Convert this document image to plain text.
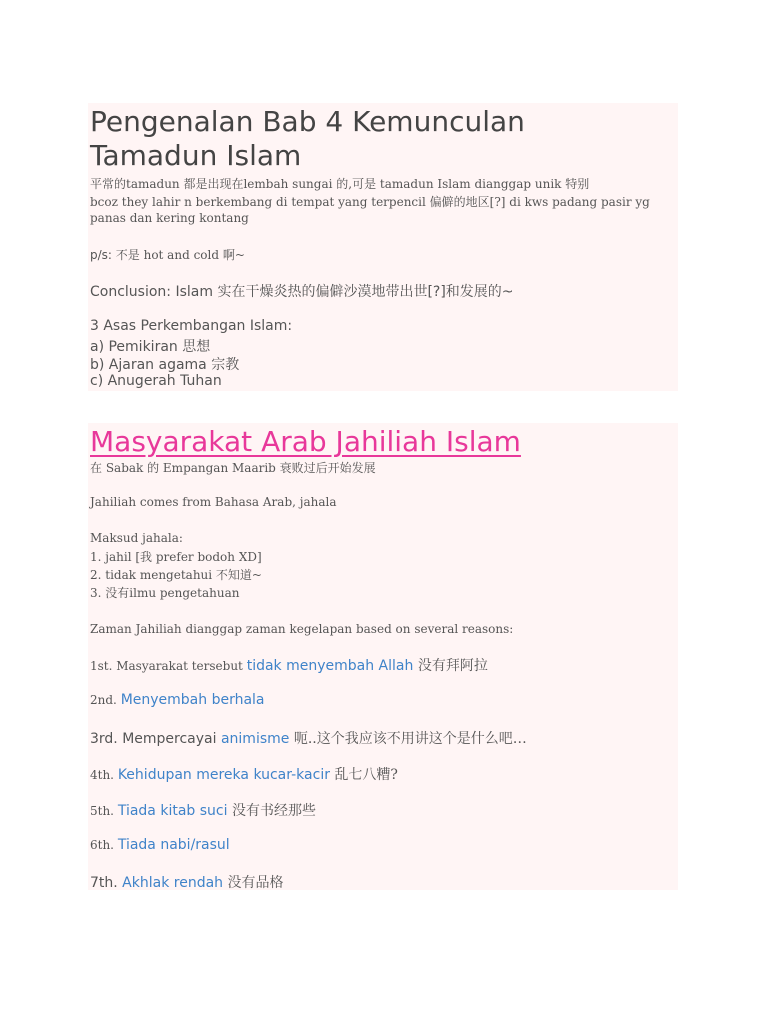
Pengenalan Bab 4 Kemunculan
Tamadun Islam
平常的tamadun 都是出现在lembah sungai 的,可是 tamadun Islam dianggap unik 特别
bcoz they lahir n berkembang di tempat yang terpencil 偏僻的地区[?] di kws padang pasir yg
panas dan kering kontang
p/s: 不是 hot and cold 啊~
Conclusion: Islam 实在干燥炎热的偏僻沙漠地带出世[?]和发展的~
3 Asas Perkembangan Islam:
a) Pemikiran 思想
b) Ajaran agama 宗教
c) Anugerah Tuhan
Masyarakat Arab Jahiliah Islam
在 Sabak 的 Empangan Maarib 衰败过后开始发展
Jahiliah comes from Bahasa Arab, jahala
Maksud jahala:
1. jahil [我 prefer bodoh XD]
2. tidak mengetahui 不知道~
3. 没有ilmu pengetahuan
Zaman Jahiliah dianggap zaman kegelapan based on several reasons:
1st. Masyarakat tersebut tidak menyembah Allah 没有拜阿拉
2nd. Menyembah berhala
3rd. Mempercayai animisme 呃..这个我应该不用讲这个是什么吧…
4th. Kehidupan mereka kucar-kacir 乱七八糟?
5th. Tiada kitab suci 没有书经那些
6th. Tiada nabi/rasul
7th. Akhlak rendah 没有品格
